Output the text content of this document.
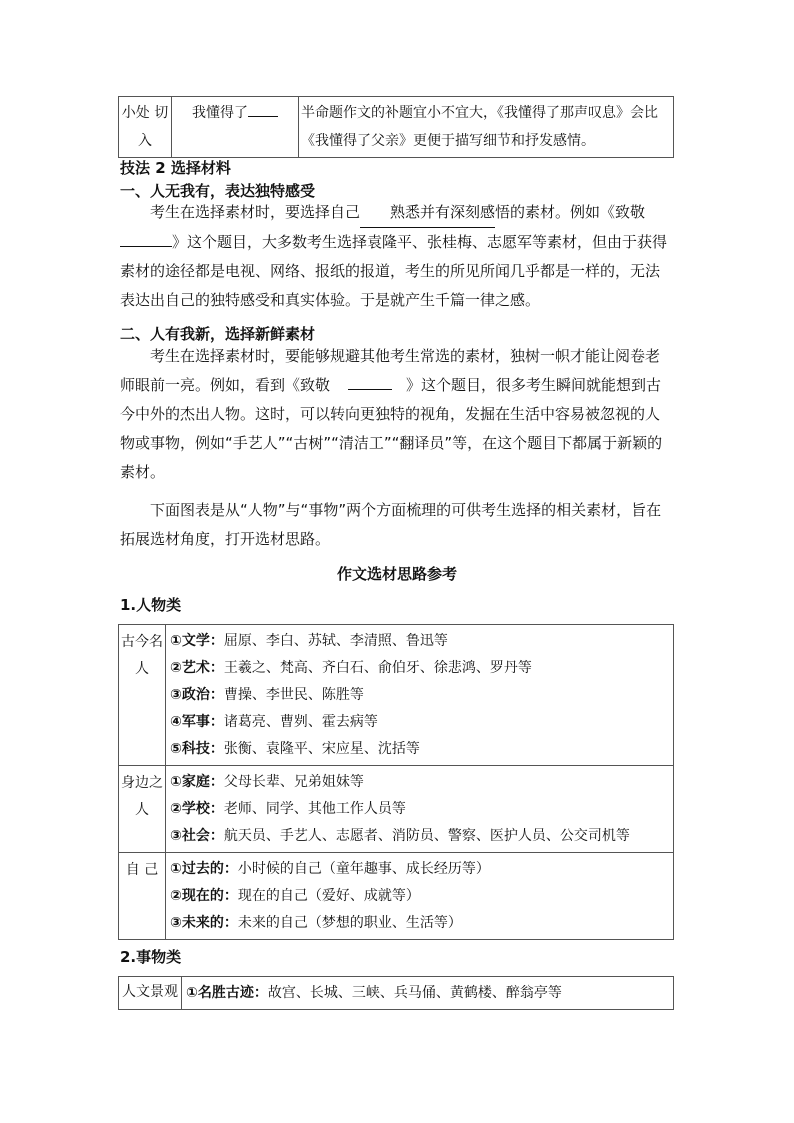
小处 切入	我懂得了	半命题作文的补题宜小不宜大，《我懂得了那声叹息》会比
《我懂得了父亲》更便于描写细节和抒发感情。
技法 2 选择材料
一、人无我有，表达独特感受
考生在选择素材时，要选择自己 熟悉并有深刻感悟的素材。例如《致敬》这个题目，大多数考生选择袁隆平、张桂梅、志愿军等素材，但由于获得素材的途径都是电视、网络、报纸的报道，考生的所见所闻几乎都是一样的，无法表达出自己的独特感受和真实体验。于是就产生千篇一律之感。
二、人有我新，选择新鲜素材
考生在选择素材时，要能够规避其他考生常选的素材，独树一帜才能让阅卷老师眼前一亮。例如，看到《致敬	》这个题目，很多考生瞬间就能想到古今中外的杰出人物。这时，可以转向更独特的视角，发掘在生活中容易被忽视的人物或事物，例如“手艺人”“古树”“清洁工”“翻译员”等，在这个题目下都属于新颖的素材。
下面图表是从“人物”与“事物”两个方面梳理的可供考生选择的相关素材，旨在拓展选材角度，打开选材思路。
作文选材思路参考
1.人物类
古今名人	①文学：屈原、李白、苏轼、李清照、鲁迅等
②艺术：王羲之、梵高、齐白石、俞伯牙、徐悲鸿、罗丹等
③政治：曹操、李世民、陈胜等
④军事：诸葛亮、曹刿、霍去病等
⑤科技：张衡、袁隆平、宋应星、沈括等

身边之人	①家庭：父母长辈、兄弟姐妹等
②学校：老师、同学、其他工作人员等
③社会：航天员、手艺人、志愿者、消防员、警察、医护人员、公交司机等

自 己	①过去的：小时候的自己（童年趣事、成长经历等）
②现在的：现在的自己（爱好、成就等）
③未来的：未来的自己（梦想的职业、生活等）
2.事物类
人文景观	①名胜古迹：故宫、长城、三峡、兵马俑、黄鹤楼、醉翁亭等
